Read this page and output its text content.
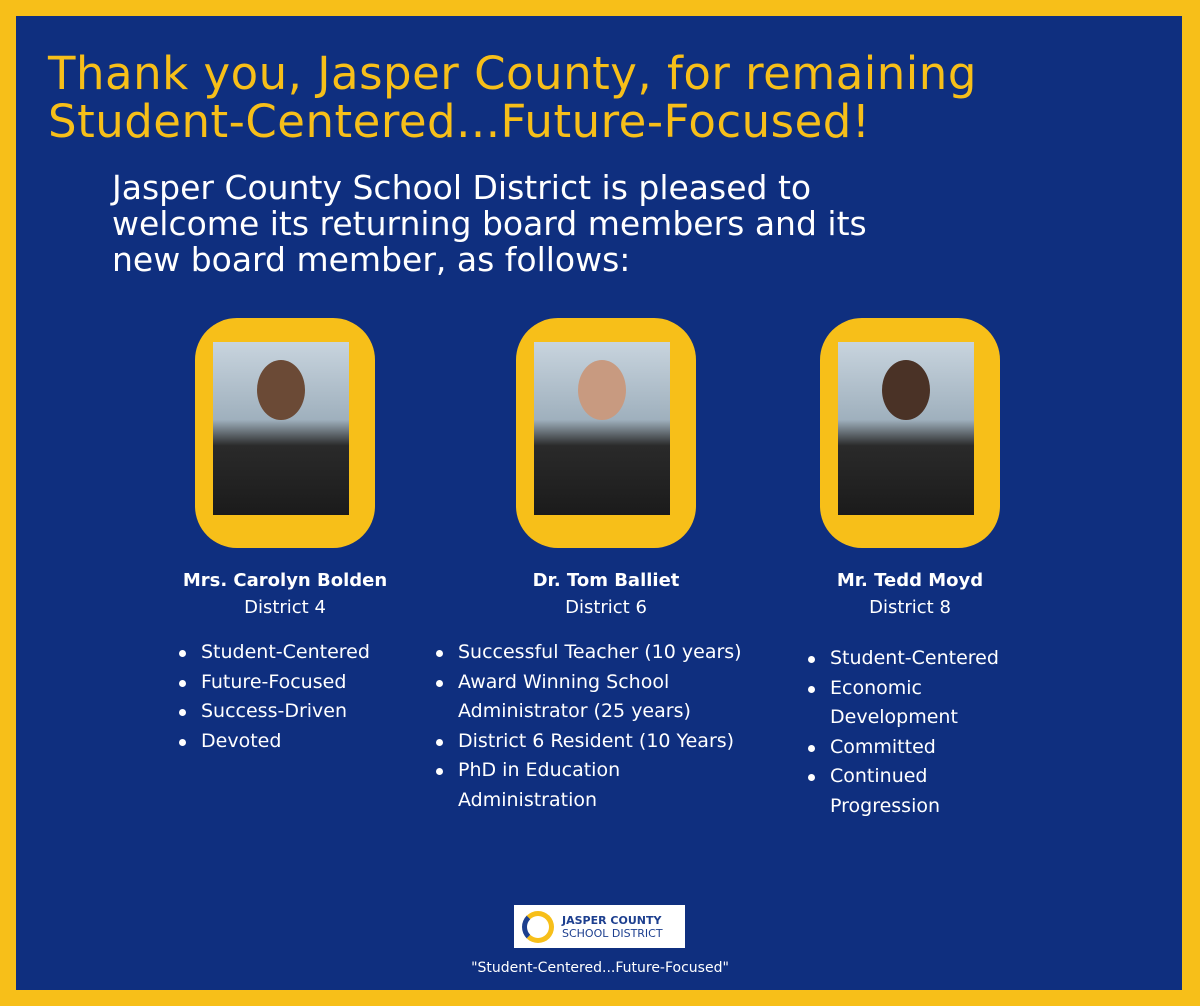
Thank you, Jasper County, for remaining
Student-Centered...Future-Focused!
Jasper County School District is pleased to
welcome its returning board members and its
new board member, as follows:
Mrs. Carolyn Bolden
District 4
Student-Centered
Future-Focused
Success-Driven
Devoted
Dr. Tom Balliet
District 6
Successful Teacher (10 years)
Award Winning School Administrator (25 years)
District 6 Resident (10 Years)
PhD in Education Administration
Mr. Tedd Moyd
District 8
Student-Centered
Economic Development
Committed
Continued Progression
JASPER COUNTY
SCHOOL DISTRICT
"Student-Centered...Future-Focused"
